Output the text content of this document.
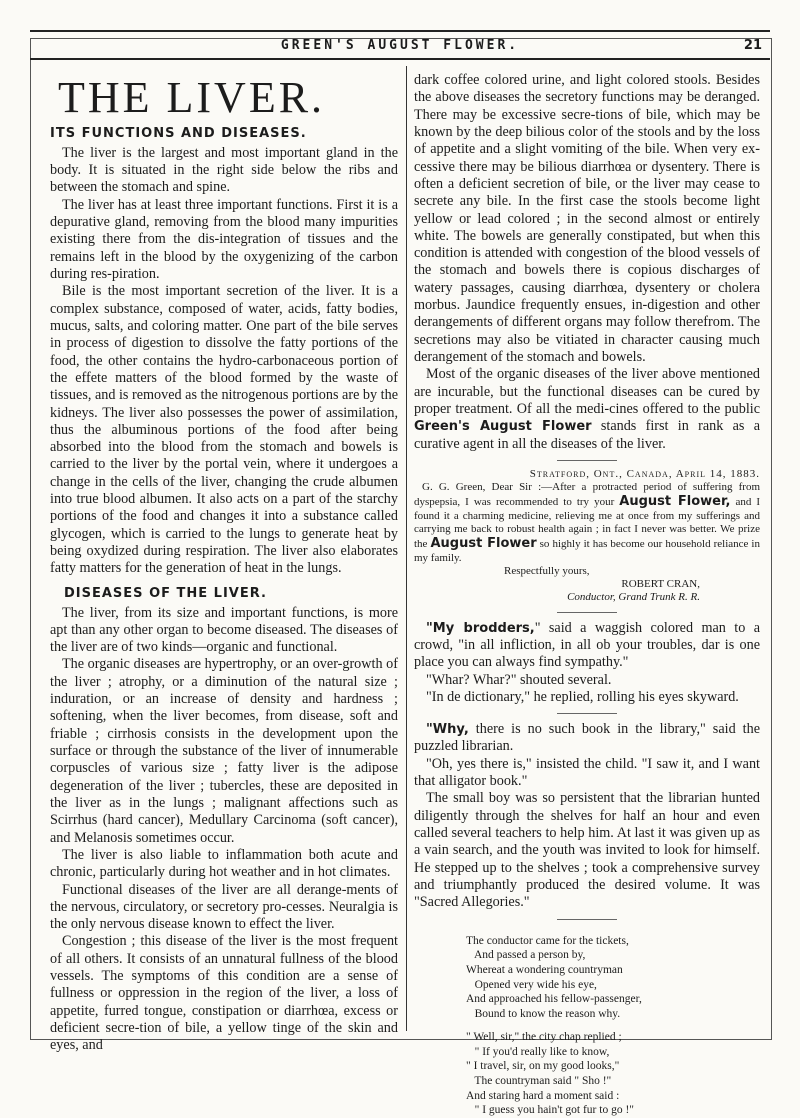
GREEN'S AUGUST FLOWER.	21
THE LIVER.
ITS FUNCTIONS AND DISEASES.

The liver is the largest and most important gland in the body. It is situated in the right side below the ribs and between the stomach and spine.

The liver has at least three important functions. First it is a depurative gland, removing from the blood many impurities existing there from the dis-integration of tissues and the remains left in the blood by the oxygenizing of the carbon during res-piration.

Bile is the most important secretion of the liver. It is a complex substance, composed of water, acids, fatty bodies, mucus, salts, and coloring matter. One part of the bile serves in process of digestion to dissolve the fatty portions of the food, the other contains the hydro-carbonaceous portion of the effete matters of the blood formed by the waste of tissues, and is removed as the nitrogenous portions are by the kidneys. The liver also possesses the power of assimilation, thus the albuminous portions of the food after being absorbed into the blood from the stomach and bowels is carried to the liver by the portal vein, where it undergoes a change in the cells of the liver, changing the crude albumen into true blood albumen. It also acts on a part of the starchy portions of the food and changes it into a substance called glycogen, which is carried to the lungs to generate heat by being oxydized during respiration. The liver also elaborates fatty matters for the generation of heat in the lungs.

DISEASES OF THE LIVER.

The liver, from its size and important functions, is more apt than any other organ to become diseased. The diseases of the liver are of two kinds—organic and functional.

The organic diseases are hypertrophy, or an over-growth of the liver ; atrophy, or a diminution of the natural size ; induration, or an increase of density and hardness ; softening, when the liver becomes, from disease, soft and friable ; cirrhosis consists in the development upon the surface or through the substance of the liver of innumerable corpuscles of various size ; fatty liver is the adipose degeneration of the liver ; tubercles, these are deposited in the liver as in the lungs ; malignant affections such as Scirrhus (hard cancer), Medullary Carcinoma (soft cancer), and Melanosis sometimes occur.

The liver is also liable to inflammation both acute and chronic, particularly during hot weather and in hot climates.

Functional diseases of the liver are all derange-ments of the nervous, circulatory, or secretory pro-cesses. Neuralgia is the only nervous disease known to effect the liver.

Congestion ; this disease of the liver is the most frequent of all others. It consists of an unnatural fullness of the blood vessels. The symptoms of this condition are a sense of fullness or oppression in the region of the liver, a loss of appetite, furred tongue, constipation or diarrhœa, excess or deficient secre-tion of bile, a yellow tinge of the skin and eyes, and

dark coffee colored urine, and light colored stools. Besides the above diseases the secretory functions may be deranged. There may be excessive secre-tions of bile, which may be known by the deep bilious color of the stools and by the loss of appetite and a slight vomiting of the bile. When very ex-cessive there may be bilious diarrhœa or dysentery. There is often a deficient secretion of bile, or the liver may cease to secrete any bile. In the first case the stools become light yellow or lead colored ; in the second almost or entirely white. The bowels are generally constipated, but when this condition is attended with congestion of the blood vessels of the stomach and bowels there is copious discharges of watery passages, causing diarrhœa, dysentery or cholera morbus. Jaundice frequently ensues, in-digestion and other derangements of different organs may follow therefrom. The secretions may also be vitiated in character causing much derangement of the stomach and bowels.

Most of the organic diseases of the liver above mentioned are incurable, but the functional diseases can be cured by proper treatment. Of all the medi-cines offered to the public Green's August Flower stands first in rank as a curative agent in all the diseases of the liver.

Stratford, Ont., Canada, April 14, 1883.

G. G. Green, Dear Sir :—After a protracted period of suffering from dyspepsia, I was recommended to try your August Flower, and I found it a charming medicine, relieving me at once from my sufferings and carrying me back to robust health again ; in fact I never was better. We prize the August Flower so highly it has become our household reliance in my family.

Respectfully yours,
ROBERT CRAN,
Conductor, Grand Trunk R. R.

"My brodders," said a waggish colored man to a crowd, "in all infliction, in all ob your troubles, dar is one place you can always find sympathy."

"Whar? Whar?" shouted several.

"In de dictionary," he replied, rolling his eyes skyward.

"Why, there is no such book in the library," said the puzzled librarian.

"Oh, yes there is," insisted the child. "I saw it, and I want that alligator book."

The small boy was so persistent that the librarian hunted diligently through the shelves for half an hour and even called several teachers to help him. At last it was given up as a vain search, and the youth was invited to look for himself. He stepped up to the shelves ; took a comprehensive survey and triumphantly produced the desired volume. It was "Sacred Allegories."

The conductor came for the tickets,
And passed a person by,
Whereat a wondering countryman
Opened very wide his eye,
And approached his fellow-passenger,
Bound to know the reason why.
" Well, sir," the city chap replied ;
" If you'd really like to know,
" I travel, sir, on my good looks,"
The countryman said " Sho !"
And staring hard a moment said :
" I guess you hain't got fur to go !"
